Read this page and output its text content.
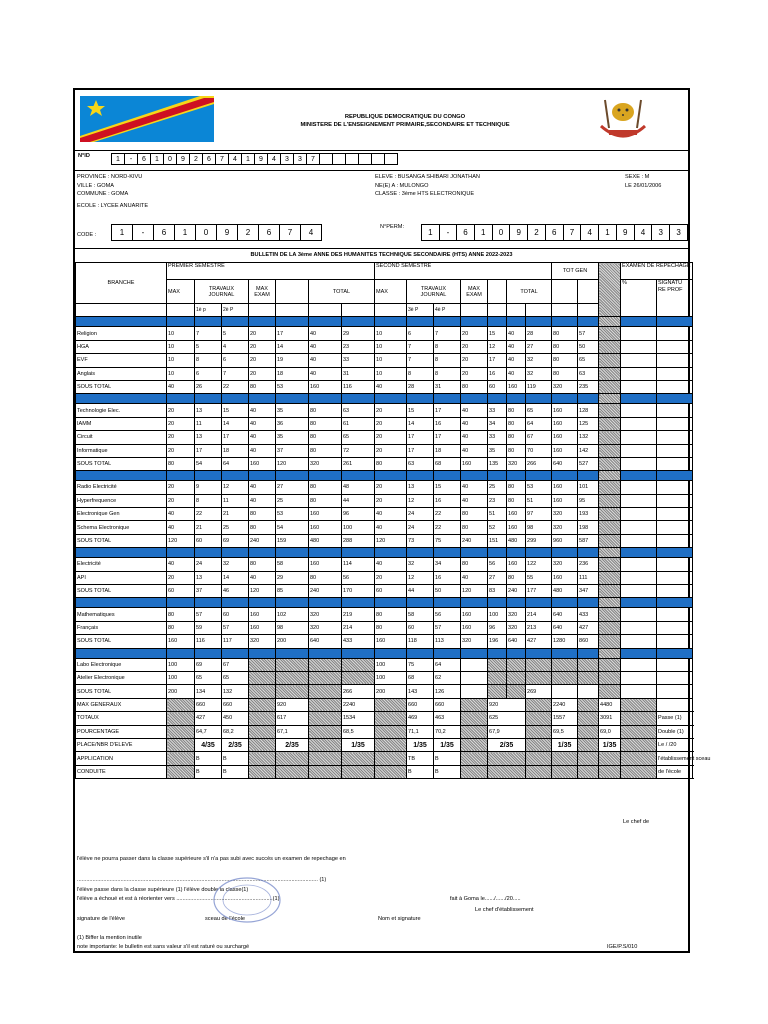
REPUBLIQUE DEMOCRATIQUE DU CONGO
MINISTERE DE L'ENSEIGNEMENT PRIMAIRE,SECONDAIRE ET TECHNIQUE
N°ID	1	-	6	1	0	9	2	6	7	4	1	9	4	3	3	7						
PROVINCE : NORD-KIVU
VILLE : GOMA
COMMUNE : GOMA
ECOLE : LYCEE ANUARITE
ELEVE : BUSANGA SHIBARI JONATHAN
NE(E) A : MULONGO
CLASSE : 3ème HTS ELECTRONIQUE
SEXE : M
LE 26/01/2006
CODE :	1	-	6	1	0	9	2	6	7	4
N°PERM:
1	-	6	1	0	9	2	6	7	4	1	9	4	3	3
BULLETIN DE LA 3ème ANNE DES HUMANITES TECHNIQUE SECONDAIRE (HTS) ANNE 2022-2023
BRANCHE	PREMIER SEMESTRE							SECOND SEMESTRE							TOT GEN			EXAMEN DE REPECHAGE		
	MAX	TRAVAUX JOURNAL		MAX EXAM		TOTAL		MAX	TRAVAUX JOURNAL		MAX EXAM		TOTAL					%	SIGNATU RE PROF	

		1è p	2è P						3è P	4è P										

Religion	10	7	5	20	17	40	29	10	6	7	20	15	40	28	80	57				
HGA	10	5	4	20	14	40	23	10	7	8	20	12	40	27	80	50				
EVF	10	8	6	20	19	40	33	10	7	8	20	17	40	32	80	65				
Anglais	10	6	7	20	18	40	31	10	8	8	20	16	40	32	80	63				
SOUS TOTAL	40	26	22	80	53	160	116	40	28	31	80	60	160	119	320	235				

Technologie Elec.	20	13	15	40	35	80	63	20	15	17	40	33	80	65	160	128				
IAMM	20	11	14	40	36	80	61	20	14	16	40	34	80	64	160	125				
Circuit	20	13	17	40	35	80	65	20	17	17	40	33	80	67	160	132				
Informatique	20	17	18	40	37	80	72	20	17	18	40	35	80	70	160	142				
SOUS TOTAL	80	54	64	160	120	320	261	80	63	68	160	135	320	266	640	527				

Radio Electricité	20	9	12	40	27	80	48	20	13	15	40	25	80	53	160	101				
Hyperfrequence	20	8	11	40	25	80	44	20	12	16	40	23	80	51	160	95				
Electronique Gen	40	22	21	80	53	160	96	40	24	22	80	51	160	97	320	193				
Schema Electronique	40	21	25	80	54	160	100	40	24	22	80	52	160	98	320	198				
SOUS TOTAL	120	60	69	240	159	480	288	120	73	75	240	151	480	299	960	587				

Electricité	40	24	32	80	58	160	114	40	32	34	80	56	160	122	320	236				
API	20	13	14	40	29	80	56	20	12	16	40	27	80	55	160	111				
SOUS TOTAL	60	37	46	120	85	240	170	60	44	50	120	83	240	177	480	347				

Mathematiques	80	57	60	160	102	320	219	80	58	56	160	100	320	214	640	433				
Français	80	59	57	160	98	320	214	80	60	57	160	96	320	213	640	427				
SOUS TOTAL	160	116	117	320	200	640	433	160	118	113	320	196	640	427	1280	860				

Labo Electronique	100	69	67					100	75	64										
Atelier Electronique	100	65	65					100	68	62										
SOUS TOTAL	200	134	132				266	200	143	126				269						
MAX GENERAUX		660	660		920		2240		660	660		920			2240		4480			
TOTAUX		427	450		617		1534		469	463		625			1557		3091		Passe (1)	
POURCENTAGE		64,7	68,2		67,1		68,5		71,1	70,2		67,9			69,5		69,0		Double (1)	
PLACE/NBR D'ELEVE		4/35	2/35		2/35		1/35		1/35	1/35		2/35			1/35		1/35		Le / /20	
APPLICATION		B	B						TB	B									l'établissement sceau	
CONDUITE		B	B						B	B									de l'école	
l'élève ne pourra passer dans la classe supérieure s'il n'a pas subi avec succès un examen de repechage en
........................................................................................................................................................... (1)
l'élève passe dans la classe supérieure (1) l'élève double la classe(1)
l'élève a échoué et est à réorienter vers ..............................................................(1)	fait à Goma le....../....../20.....
Le chef d'établissement
signature de l'élève	sceau de l'école	Nom et signature
(1) Biffer la mention inutile
note importante: le bulletin est sans valeur s'il est raturé ou surchargé	IGE/P.S/010
Le chef de
